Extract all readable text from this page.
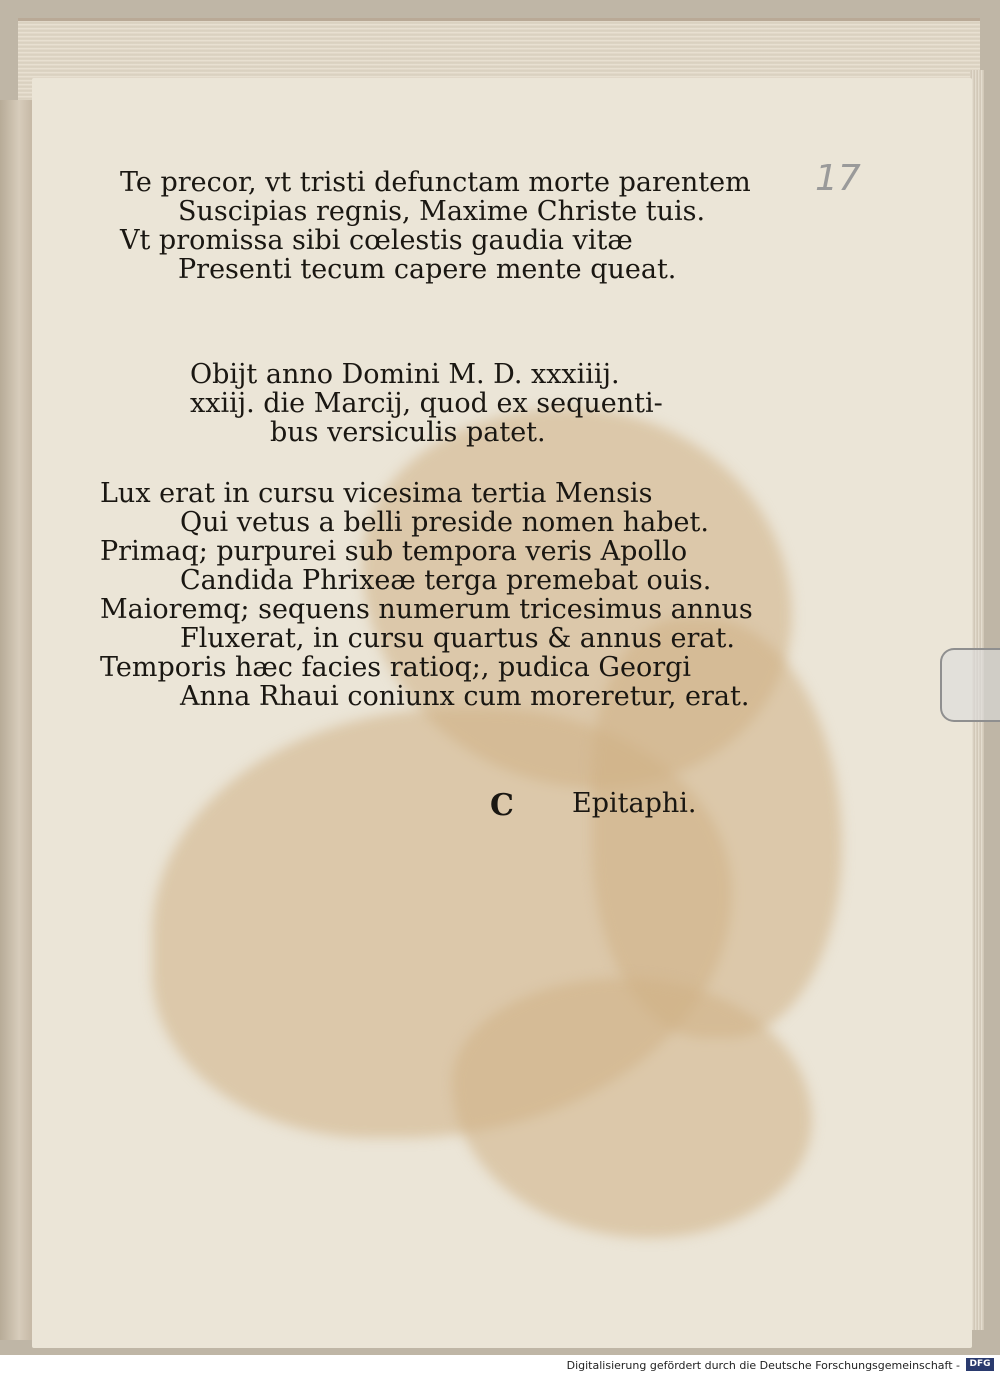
17
Te precor, vt tristi defunctam morte parentem
Suscipias regnis, Maxime Christe tuis.
Vt promissa sibi cœlestis gaudia vitæ
Presenti tecum capere mente queat.
Obijt anno Domini M. D. xxxiiij.
xxiij. die Marcij, quod ex sequenti-
bus versiculis patet.
Lux erat in cursu vicesima tertia Mensis
Qui vetus a belli preside nomen habet.
Primaq; purpurei sub tempora veris Apollo
Candida Phrixeæ terga premebat ouis.
Maioremq; sequens numerum tricesimus annus
Fluxerat, in cursu quartus & annus erat.
Temporis hæc facies ratioq;, pudica Georgi
Anna Rhaui coniunx cum moreretur, erat.
C Epitaphi.
Digitalisierung gefördert durch die Deutsche Forschungsgemeinschaft -	DFG
